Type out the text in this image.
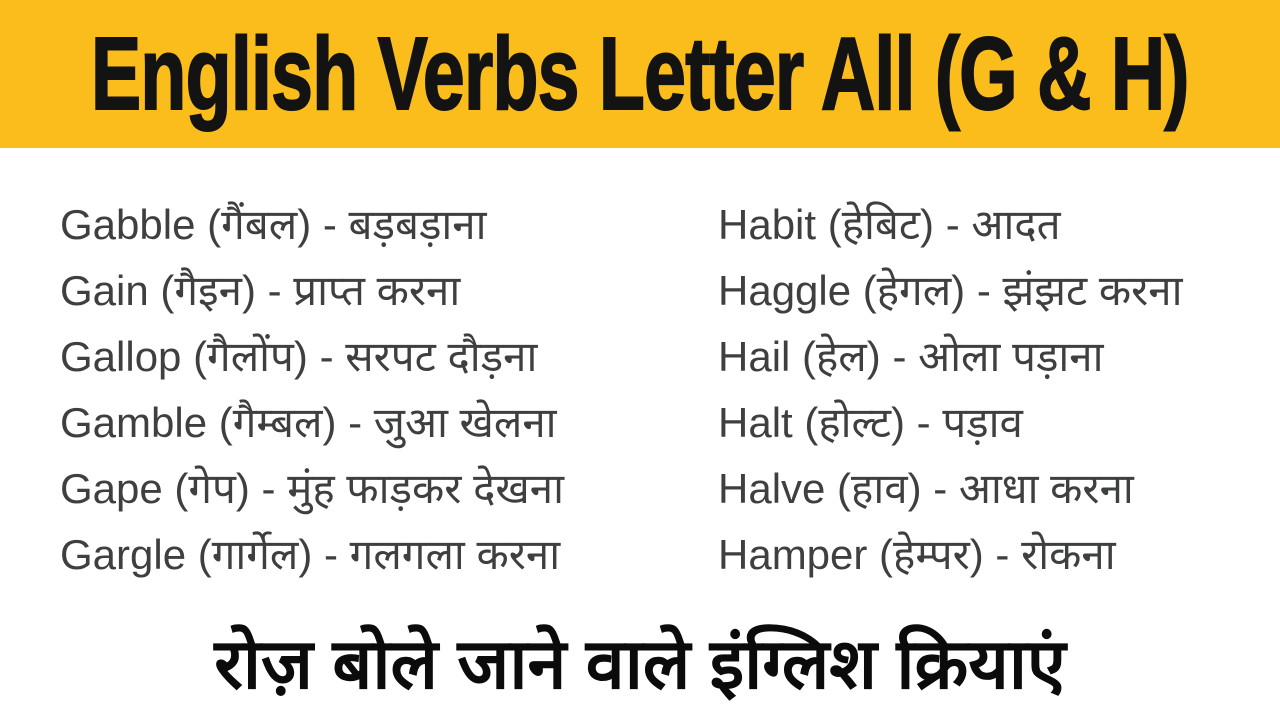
English Verbs Letter All (G & H)
Gabble (गैंबल) - बड़बड़ाना
Gain (गैइन) - प्राप्त करना
Gallop (गैलोंप) - सरपट दौड़ना
Gamble (गैम्बल) - जुआ खेलना
Gape (गेप) - मुंह फाड़कर देखना
Gargle (गार्गेल) - गलगला करना
Habit (हेबिट) - आदत
Haggle (हेगल) - झंझट करना
Hail (हेल) - ओला पड़ाना
Halt (होल्ट) - पड़ाव
Halve (हाव) - आधा करना
Hamper (हेम्पर) - रोकना

रोज़ बोले जाने वाले इंग्लिश क्रियाएं
